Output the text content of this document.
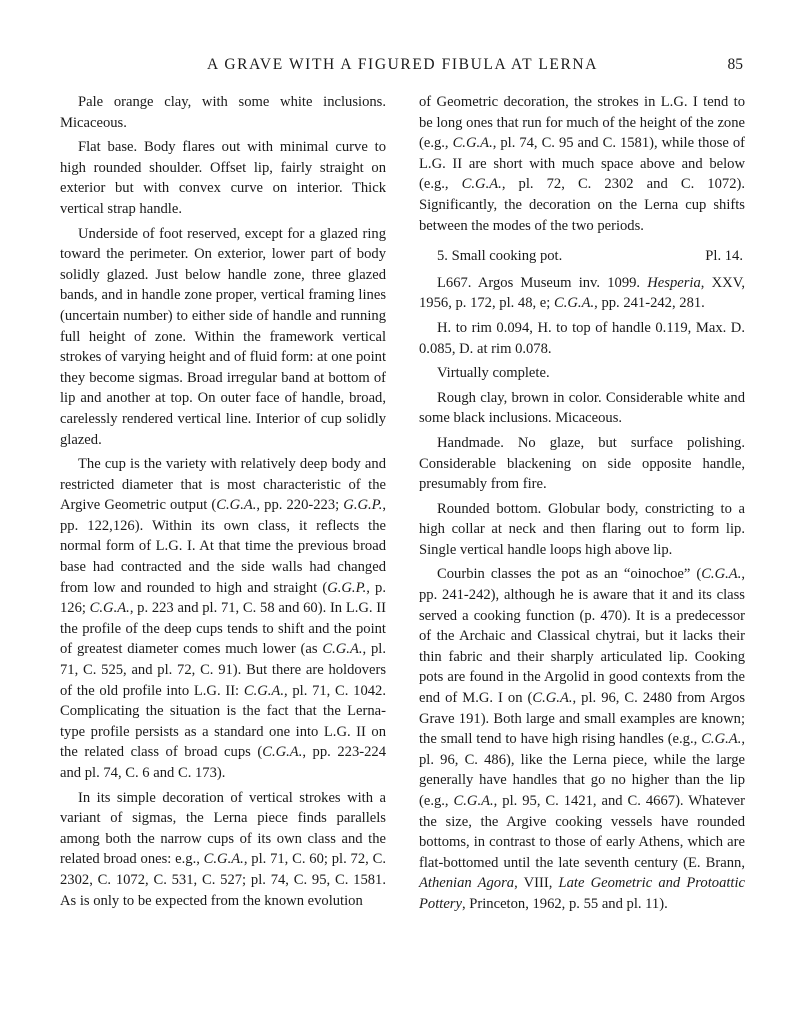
A GRAVE WITH A FIGURED FIBULA AT LERNA	85

Pale orange clay, with some white inclusions. Micaceous.

Flat base. Body flares out with minimal curve to high rounded shoulder. Offset lip, fairly straight on exterior but with convex curve on interior. Thick vertical strap handle.

Underside of foot reserved, except for a glazed ring toward the perimeter. On exterior, lower part of body solidly glazed. Just below handle zone, three glazed bands, and in handle zone proper, vertical framing lines (uncertain number) to either side of handle and running full height of zone. Within the framework vertical strokes of varying height and of fluid form: at one point they become sigmas. Broad irregular band at bottom of lip and another at top. On outer face of handle, broad, carelessly rendered vertical line. Interior of cup solidly glazed.

The cup is the variety with relatively deep body and restricted diameter that is most characteristic of the Argive Geometric output (C.G.A., pp. 220-223; G.G.P., pp. 122,126). Within its own class, it reflects the normal form of L.G. I. At that time the previous broad base had contracted and the side walls had changed from low and rounded to high and straight (G.G.P., p. 126; C.G.A., p. 223 and pl. 71, C. 58 and 60). In L.G. II the profile of the deep cups tends to shift and the point of greatest diameter comes much lower (as C.G.A., pl. 71, C. 525, and pl. 72, C. 91). But there are holdovers of the old profile into L.G. II: C.G.A., pl. 71, C. 1042. Complicating the situation is the fact that the Lerna-type profile persists as a standard one into L.G. II on the related class of broad cups (C.G.A., pp. 223-224 and pl. 74, C. 6 and C. 173).

In its simple decoration of vertical strokes with a variant of sigmas, the Lerna piece finds parallels among both the narrow cups of its own class and the related broad ones: e.g., C.G.A., pl. 71, C. 60; pl. 72, C. 2302, C. 1072, C. 531, C. 527; pl. 74, C. 95, C. 1581. As is only to be expected from the known evolution

of Geometric decoration, the strokes in L.G. I tend to be long ones that run for much of the height of the zone (e.g., C.G.A., pl. 74, C. 95 and C. 1581), while those of L.G. II are short with much space above and below (e.g., C.G.A., pl. 72, C. 2302 and C. 1072). Significantly, the decoration on the Lerna cup shifts between the modes of the two periods.

5. Small cooking pot.	Pl. 14.

L667. Argos Museum inv. 1099. Hesperia, XXV, 1956, p. 172, pl. 48, e; C.G.A., pp. 241-242, 281.

H. to rim 0.094, H. to top of handle 0.119, Max. D. 0.085, D. at rim 0.078.

Virtually complete.

Rough clay, brown in color. Considerable white and some black inclusions. Micaceous.

Handmade. No glaze, but surface polishing. Considerable blackening on side opposite handle, presumably from fire.

Rounded bottom. Globular body, constricting to a high collar at neck and then flaring out to form lip. Single vertical handle loops high above lip.

Courbin classes the pot as an “oinochoe” (C.G.A., pp. 241-242), although he is aware that it and its class served a cooking function (p. 470). It is a predecessor of the Archaic and Classical chytrai, but it lacks their thin fabric and their sharply articulated lip. Cooking pots are found in the Argolid in good contexts from the end of M.G. I on (C.G.A., pl. 96, C. 2480 from Argos Grave 191). Both large and small examples are known; the small tend to have high rising handles (e.g., C.G.A., pl. 96, C. 486), like the Lerna piece, while the large generally have handles that go no higher than the lip (e.g., C.G.A., pl. 95, C. 1421, and C. 4667). Whatever the size, the Argive cooking vessels have rounded bottoms, in contrast to those of early Athens, which are flat-bottomed until the late seventh century (E. Brann, Athenian Agora, VIII, Late Geometric and Protoattic Pottery, Princeton, 1962, p. 55 and pl. 11).
